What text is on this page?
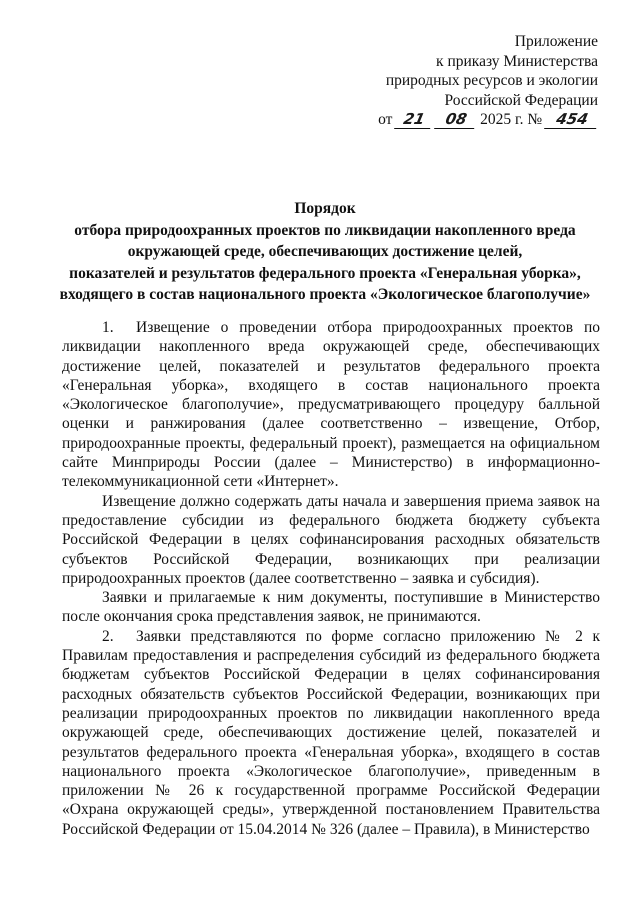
Приложение
к приказу Министерства
природных ресурсов и экологии
Российской Федерации
от 21 08 2025 г. № 454
Порядок
отбора природоохранных проектов по ликвидации накопленного вреда
окружающей среде, обеспечивающих достижение целей,
показателей и результатов федерального проекта «Генеральная уборка»,
входящего в состав национального проекта «Экологическое благополучие»

1. Извещение о проведении отбора природоохранных проектов по ликвидации накопленного вреда окружающей среде, обеспечивающих достижение целей, показателей и результатов федерального проекта «Генеральная уборка», входящего в состав национального проекта «Экологическое благополучие», предусматривающего процедуру балльной оценки и ранжирования (далее соответственно – извещение, Отбор, природоохранные проекты, федеральный проект), размещается на официальном сайте Минприроды России (далее – Министерство) в информационно-телекоммуникационной сети «Интернет».

Извещение должно содержать даты начала и завершения приема заявок на предоставление субсидии из федерального бюджета бюджету субъекта Российской Федерации в целях софинансирования расходных обязательств субъектов Российской Федерации, возникающих при реализации природоохранных проектов (далее соответственно – заявка и субсидия).

Заявки и прилагаемые к ним документы, поступившие в Министерство после окончания срока представления заявок, не принимаются.

2. Заявки представляются по форме согласно приложению № 2 к Правилам предоставления и распределения субсидий из федерального бюджета бюджетам субъектов Российской Федерации в целях софинансирования расходных обязательств субъектов Российской Федерации, возникающих при реализации природоохранных проектов по ликвидации накопленного вреда окружающей среде, обеспечивающих достижение целей, показателей и результатов федерального проекта «Генеральная уборка», входящего в состав национального проекта «Экологическое благополучие», приведенным в приложении № 26 к государственной программе Российской Федерации «Охрана окружающей среды», утвержденной постановлением Правительства Российской Федерации от 15.04.2014 № 326 (далее – Правила), в Министерство
